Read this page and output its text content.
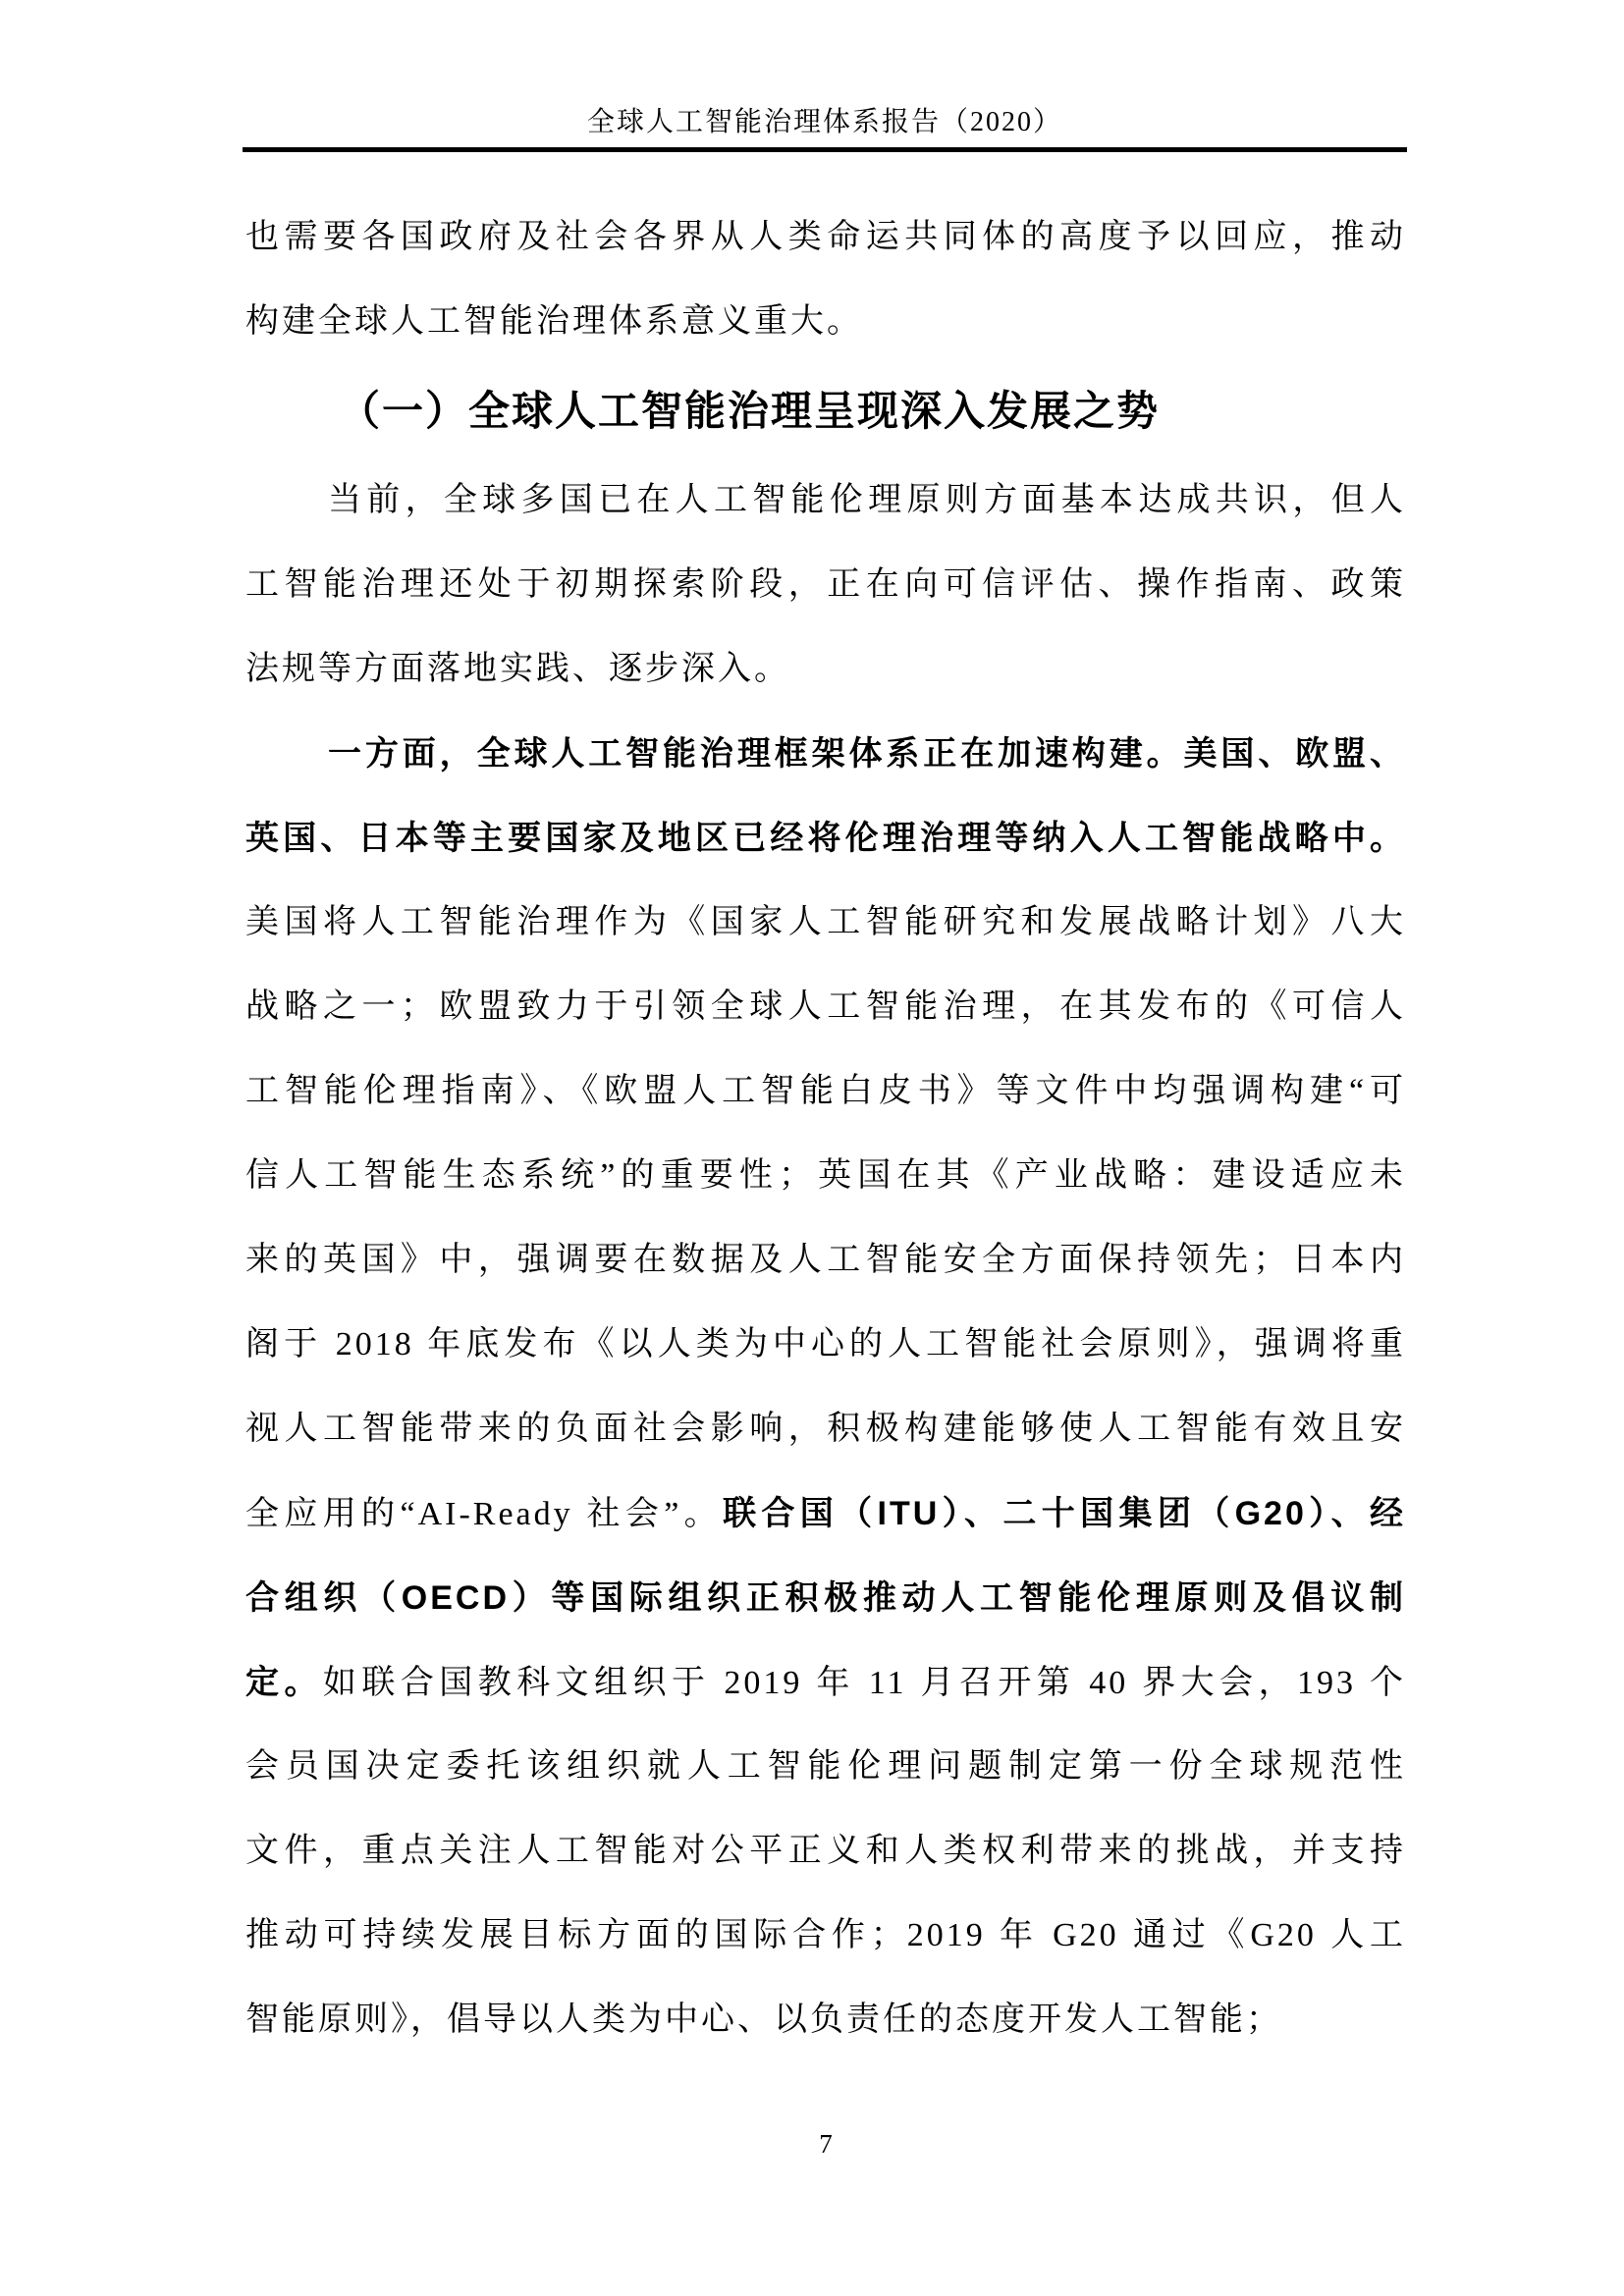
全球人工智能治理体系报告（2020）
也需要各国政府及社会各界从人类命运共同体的高度予以回应，推动
构建全球人工智能治理体系意义重大。
（一）全球人工智能治理呈现深入发展之势
当前，全球多国已在人工智能伦理原则方面基本达成共识，但人
工智能治理还处于初期探索阶段，正在向可信评估、操作指南、政策
法规等方面落地实践、逐步深入。
一方面，全球人工智能治理框架体系正在加速构建。美国、欧盟、
英国、日本等主要国家及地区已经将伦理治理等纳入人工智能战略中。
美国将人工智能治理作为《国家人工智能研究和发展战略计划》八大
战略之一；欧盟致力于引领全球人工智能治理，在其发布的《可信人
工智能伦理指南》、《欧盟人工智能白皮书》等文件中均强调构建“可
信人工智能生态系统”的重要性；英国在其《产业战略：建设适应未
来的英国》中，强调要在数据及人工智能安全方面保持领先；日本内
阁于 2018 年底发布《以人类为中心的人工智能社会原则》，强调将重
视人工智能带来的负面社会影响，积极构建能够使人工智能有效且安
全应用的“AI-Ready 社会”。联合国（ITU）、二十国集团（G20）、经
合组织（OECD）等国际组织正积极推动人工智能伦理原则及倡议制
定。如联合国教科文组织于 2019 年 11 月召开第 40 界大会，193 个
会员国决定委托该组织就人工智能伦理问题制定第一份全球规范性
文件，重点关注人工智能对公平正义和人类权利带来的挑战，并支持
推动可持续发展目标方面的国际合作；2019 年 G20 通过《G20 人工
智能原则》，倡导以人类为中心、以负责任的态度开发人工智能；
7
